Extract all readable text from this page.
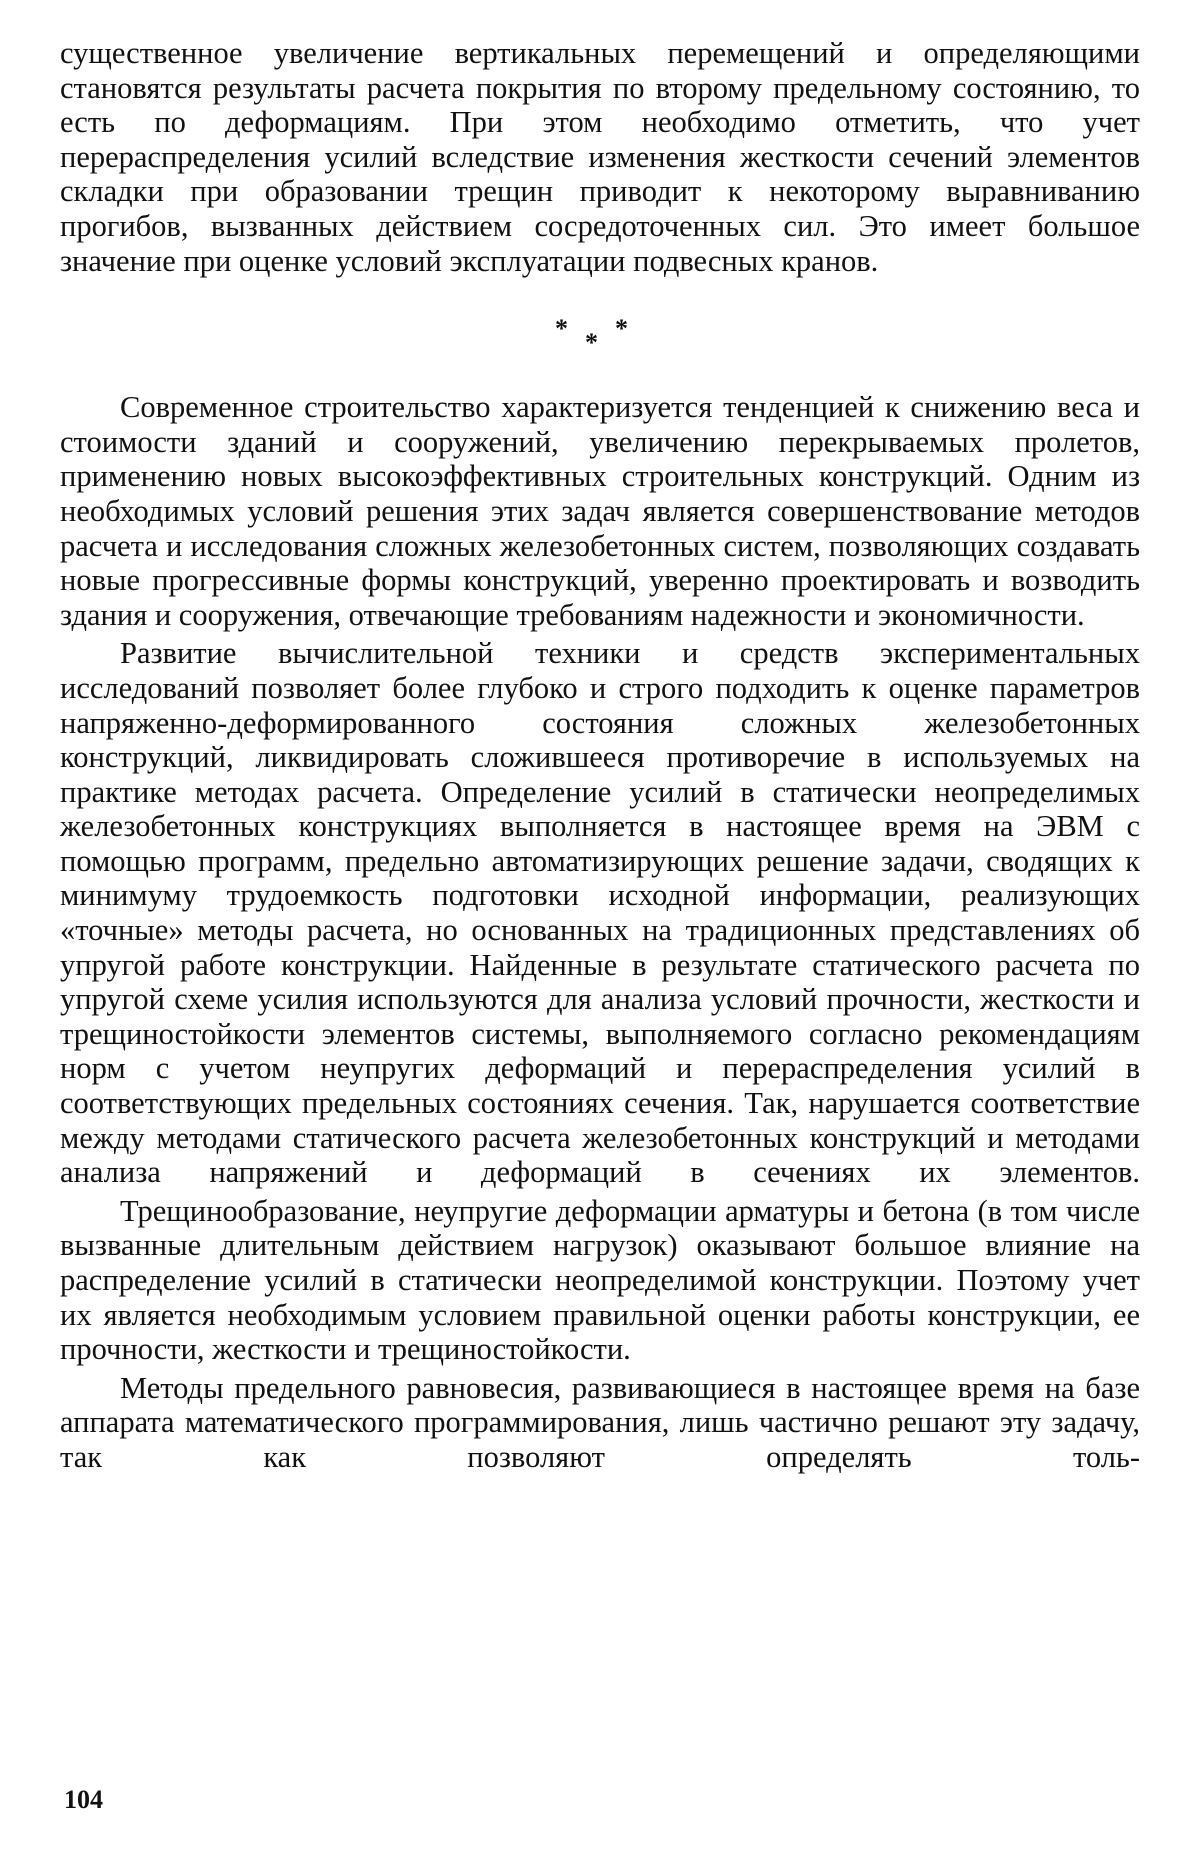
существенное увеличение вертикальных перемещений и определяющими становятся результаты расчета покрытия по второму предельному состоянию, то есть по деформациям. При этом необходимо отметить, что учет перераспределения усилий вследствие изменения жесткости сечений элементов складки при образовании трещин приводит к некоторому выравниванию прогибов, вызванных действием сосредоточенных сил. Это имеет большое значение при оценке условий эксплуатации подвесных кранов.

* * *

Современное строительство характеризуется тенденцией к снижению веса и стоимости зданий и сооружений, увеличению перекрываемых пролетов, применению новых высокоэффективных строительных конструкций. Одним из необходимых условий решения этих задач является совершенствование методов расчета и исследования сложных железобетонных систем, позволяющих создавать новые прогрессивные формы конструкций, уверенно проектировать и возводить здания и сооружения, отвечающие требованиям надежности и экономичности.

Развитие вычислительной техники и средств экспериментальных исследований позволяет более глубоко и строго подходить к оценке параметров напряженно-деформированного состояния сложных железобетонных конструкций, ликвидировать сложившееся противоречие в используемых на практике методах расчета. Определение усилий в статически неопределимых железобетонных конструкциях выполняется в настоящее время на ЭВМ с помощью программ, предельно автоматизирующих решение задачи, сводящих к минимуму трудоемкость подготовки исходной информации, реализующих «точные» методы расчета, но основанных на традиционных представлениях об упругой работе конструкции. Найденные в результате статического расчета по упругой схеме усилия используются для анализа условий прочности, жесткости и трещиностойкости элементов системы, выполняемого согласно рекомендациям норм с учетом неупругих деформаций и перераспределения усилий в соответствующих предельных состояниях сечения. Так, нарушается соответствие между методами статического расчета железобетонных конструкций и методами анализа напряжений и деформаций в сечениях их элементов.

Трещинообразование, неупругие деформации арматуры и бетона (в том числе вызванные длительным действием нагрузок) оказывают большое влияние на распределение усилий в статически неопределимой конструкции. Поэтому учет их является необходимым условием правильной оценки работы конструкции, ее прочности, жесткости и трещиностойкости.

Методы предельного равновесия, развивающиеся в настоящее время на базе аппарата математического программирования, лишь частично решают эту задачу, так как позволяют определять толь-

104
